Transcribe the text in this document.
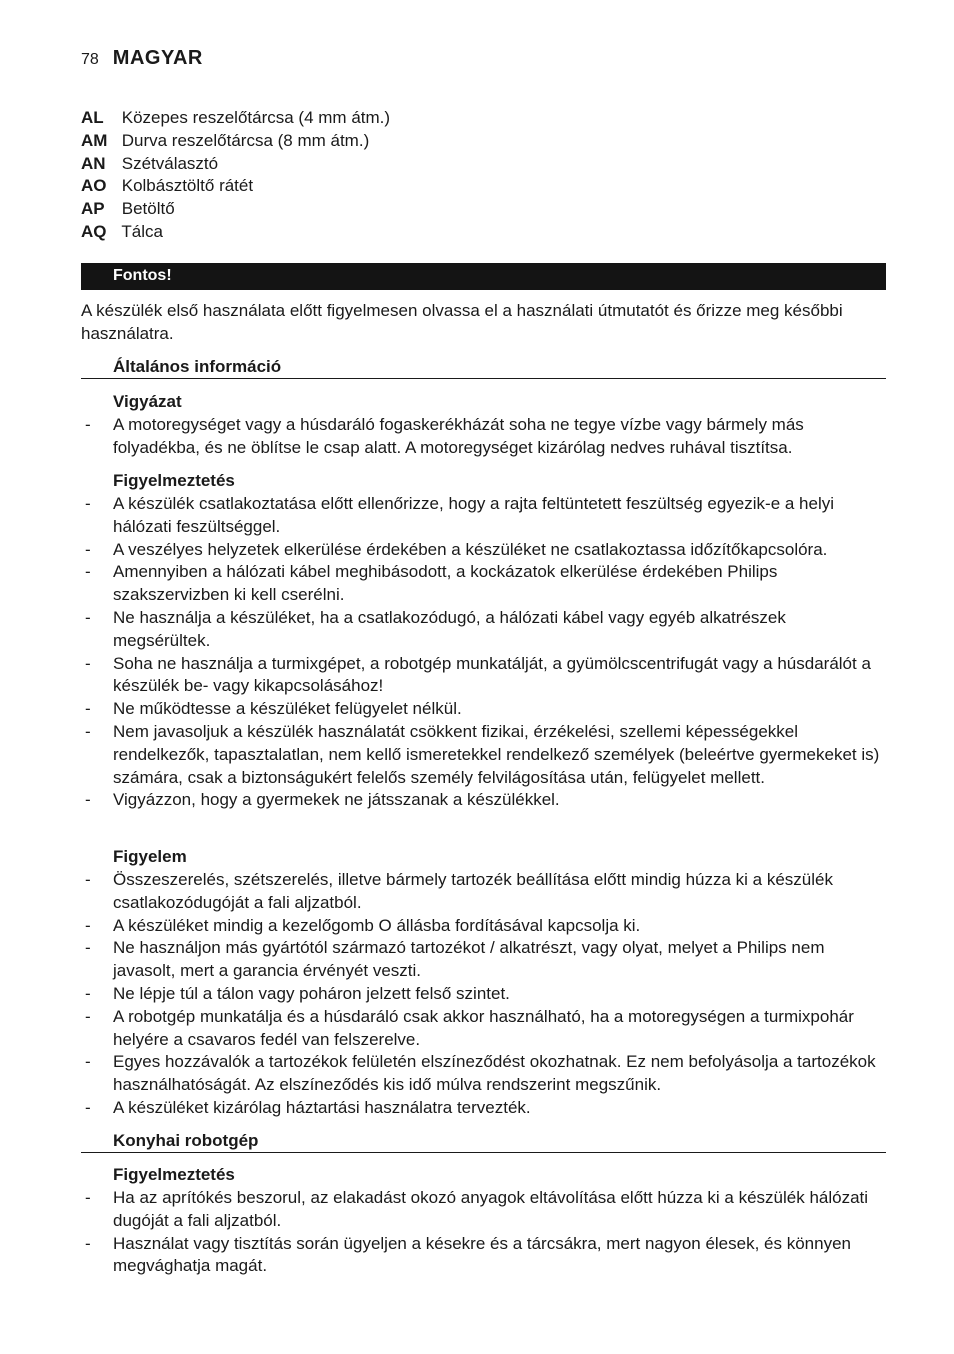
78 MAGYAR
AL Közepes reszelőtárcsa (4 mm átm.)
AM Durva reszelőtárcsa (8 mm átm.)
AN Szétválasztó
AO Kolbásztöltő rátét
AP Betöltő
AQ Tálca
Fontos!
A készülék első használata előtt figyelmesen olvassa el a használati útmutatót és őrizze meg későbbi használatra.
Általános információ
Vigyázat
- A motoregységet vagy a húsdaráló fogaskerékházát soha ne tegye vízbe vagy bármely más folyadékba, és ne öblítse le csap alatt. A motoregységet kizárólag nedves ruhával tisztítsa.
Figyelmeztetés
- A készülék csatlakoztatása előtt ellenőrizze, hogy a rajta feltüntetett feszültség egyezik-e a helyi hálózati feszültséggel.
- A veszélyes helyzetek elkerülése érdekében a készüléket ne csatlakoztassa időzítőkapcsolóra.
- Amennyiben a hálózati kábel meghibásodott, a kockázatok elkerülése érdekében Philips szakszervizben ki kell cserélni.
- Ne használja a készüléket, ha a csatlakozódugó, a hálózati kábel vagy egyéb alkatrészek megsérültek.
- Soha ne használja a turmixgépet, a robotgép munkatálját, a gyümölcscentrifugát vagy a húsdarálót a készülék be- vagy kikapcsolásához!
- Ne működtesse a készüléket felügyelet nélkül.
- Nem javasoljuk a készülék használatát csökkent fizikai, érzékelési, szellemi képességekkel rendelkezők, tapasztalatlan, nem kellő ismeretekkel rendelkező személyek (beleértve gyermekeket is) számára, csak a biztonságukért felelős személy felvilágosítása után, felügyelet mellett.
- Vigyázzon, hogy a gyermekek ne játsszanak a készülékkel.
Figyelem
- Összeszerelés, szétszerelés, illetve bármely tartozék beállítása előtt mindig húzza ki a készülék csatlakozódugóját a fali aljzatból.
- A készüléket mindig a kezelőgomb O állásba fordításával kapcsolja ki.
- Ne használjon más gyártótól származó tartozékot / alkatrészt, vagy olyat, melyet a Philips nem javasolt, mert a garancia érvényét veszti.
- Ne lépje túl a tálon vagy poháron jelzett felső szintet.
- A robotgép munkatálja és a húsdaráló csak akkor használható, ha a motoregységen a turmixpohár helyére a csavaros fedél van felszerelve.
- Egyes hozzávalók a tartozékok felületén elszíneződést okozhatnak. Ez nem befolyásolja a tartozékok használhatóságát. Az elszíneződés kis idő múlva rendszerint megszűnik.
- A készüléket kizárólag háztartási használatra tervezték.
Konyhai robotgép
Figyelmeztetés
- Ha az aprítókés beszorul, az elakadást okozó anyagok eltávolítása előtt húzza ki a készülék hálózati dugóját a fali aljzatból.
- Használat vagy tisztítás során ügyeljen a késekre és a tárcsákra, mert nagyon élesek, és könnyen megvághatja magát.
